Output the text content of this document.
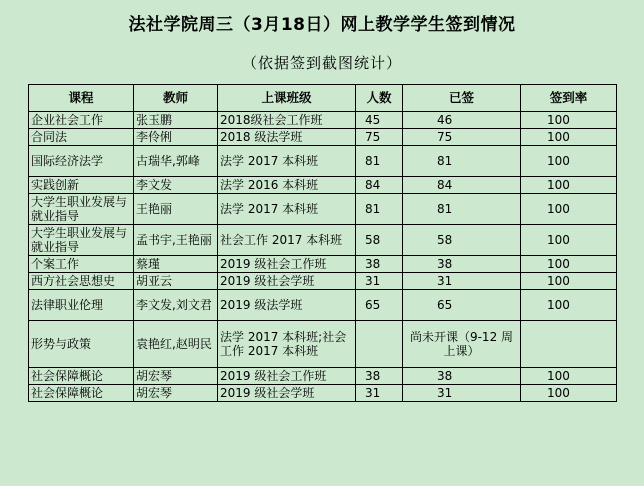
法社学院周三（3月18日）网上教学学生签到情况
（依据签到截图统计）
课程	教师	上课班级	人数	已签	签到率
企业社会工作	张玉鹏	2018级社会工作班	45	46	100
合同法	李伶俐	2018 级法学班	75	75	100
国际经济法学	古瑞华,郭峰	法学 2017 本科班	81	81	100
实践创新	李文发	法学 2016 本科班	84	84	100
大学生职业发展与就业指导	王艳丽	法学 2017 本科班	81	81	100
大学生职业发展与就业指导	孟书宇,王艳丽	社会工作 2017 本科班	58	58	100
个案工作	蔡瑾	2019 级社会工作班	38	38	100
西方社会思想史	胡亚云	2019 级社会学班	31	31	100
法律职业伦理	李文发,刘文君	2019 级法学班	65	65	100
形势与政策	袁艳红,赵明民	法学 2017 本科班;社会工作 2017 本科班		尚未开课（9-12 周上课）	
社会保障概论	胡宏琴	2019 级社会工作班	38	38	100
社会保障概论	胡宏琴	2019 级社会学班	31	31	100
